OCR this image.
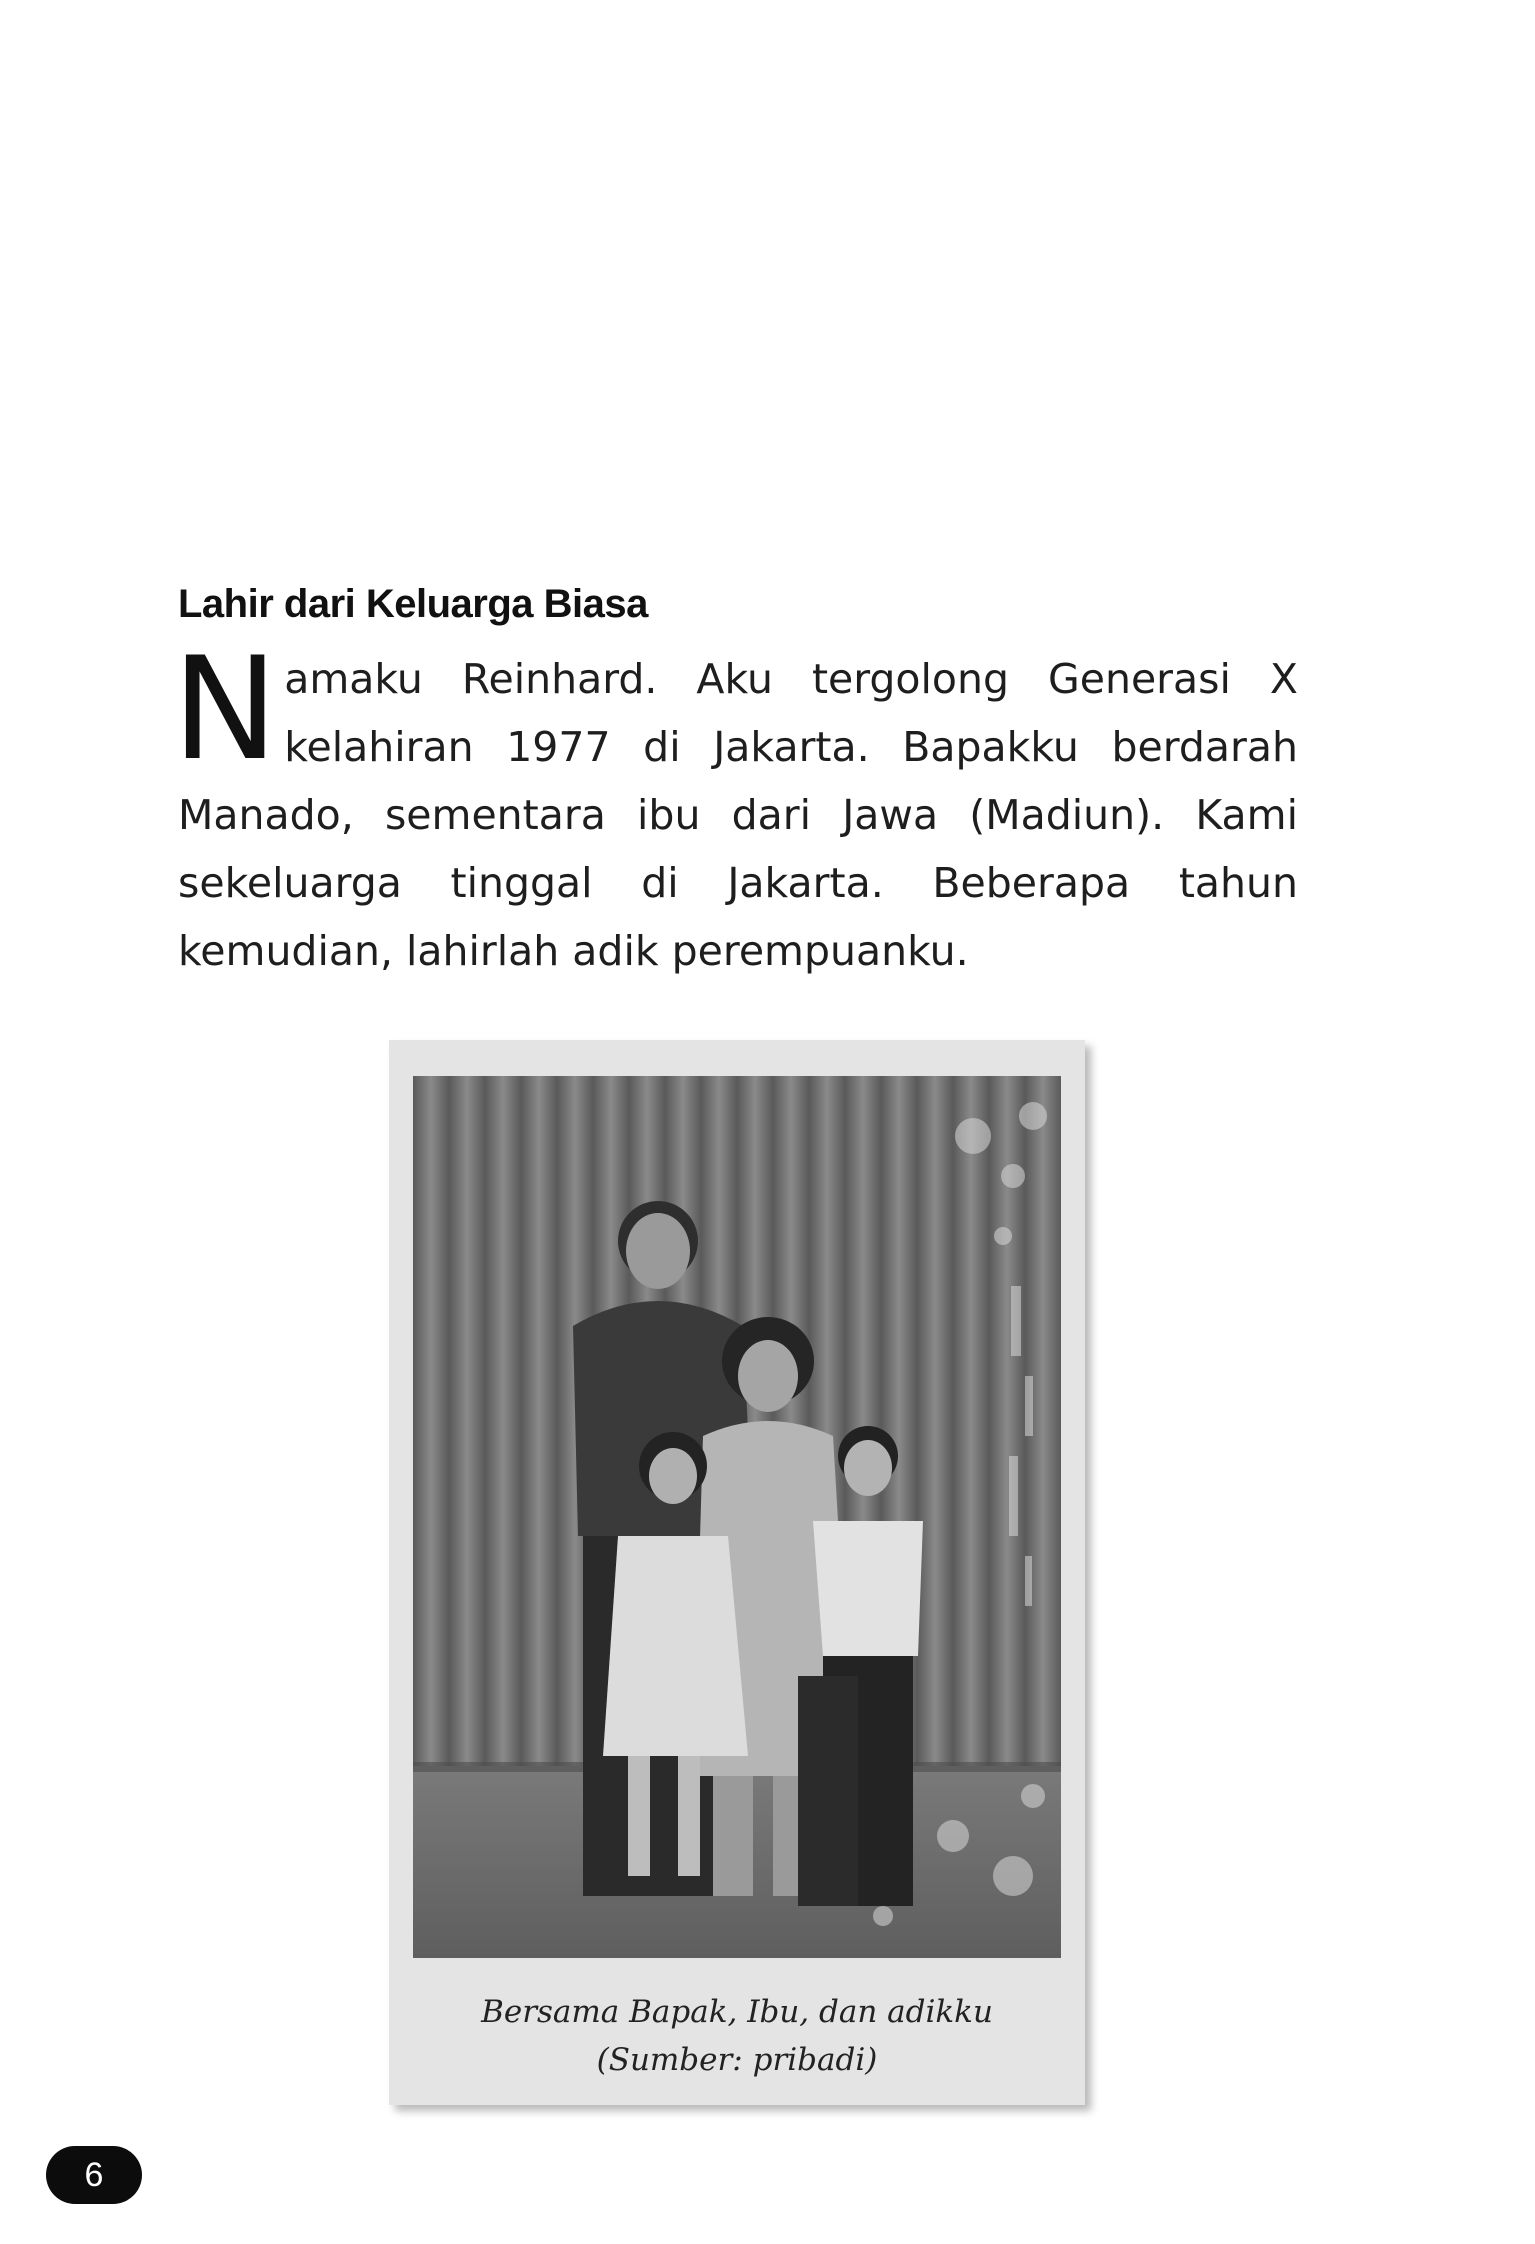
Lahir dari Keluarga Biasa

Namaku Reinhard. Aku tergolong Generasi X kelahiran 1977 di Jakarta. Bapakku berdarah Manado, sementara ibu dari Jawa (Madiun). Kami sekeluarga tinggal di Jakarta. Beberapa tahun kemudian, lahirlah adik perempuanku.

Bersama Bapak, Ibu, dan adikku
(Sumber: pribadi)
6
